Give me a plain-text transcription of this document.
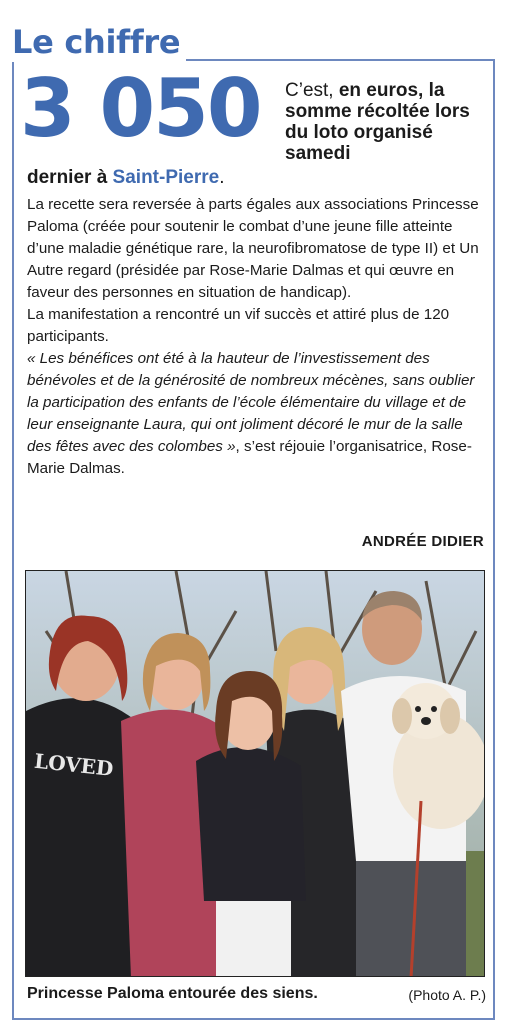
Le chiffre
3 050 C’est, en euros, la somme récoltée lors du loto organisé samedi
dernier à Saint-Pierre.

La recette sera reversée à parts égales aux associations Princesse Paloma (créée pour soutenir le combat d’une jeune fille atteinte d’une maladie génétique rare, la neurofibromatose de type II) et Un Autre regard (présidée par Rose-Marie Dalmas et qui œuvre en faveur des personnes en situation de handicap).

La manifestation a rencontré un vif succès et attiré plus de 120 participants.

« Les bénéfices ont été à la hauteur de l’investissement des bénévoles et de la générosité de nombreux mécènes, sans oublier la participation des enfants de l’école élémentaire du village et de leur enseignante Laura, qui ont joliment décoré le mur de la salle des fêtes avec des colombes », s’est réjouie l’organisatrice, Rose-Marie Dalmas.

ANDRÉE DIDIER
LOVED
Princesse Paloma entourée des siens.	(Photo A. P.)
